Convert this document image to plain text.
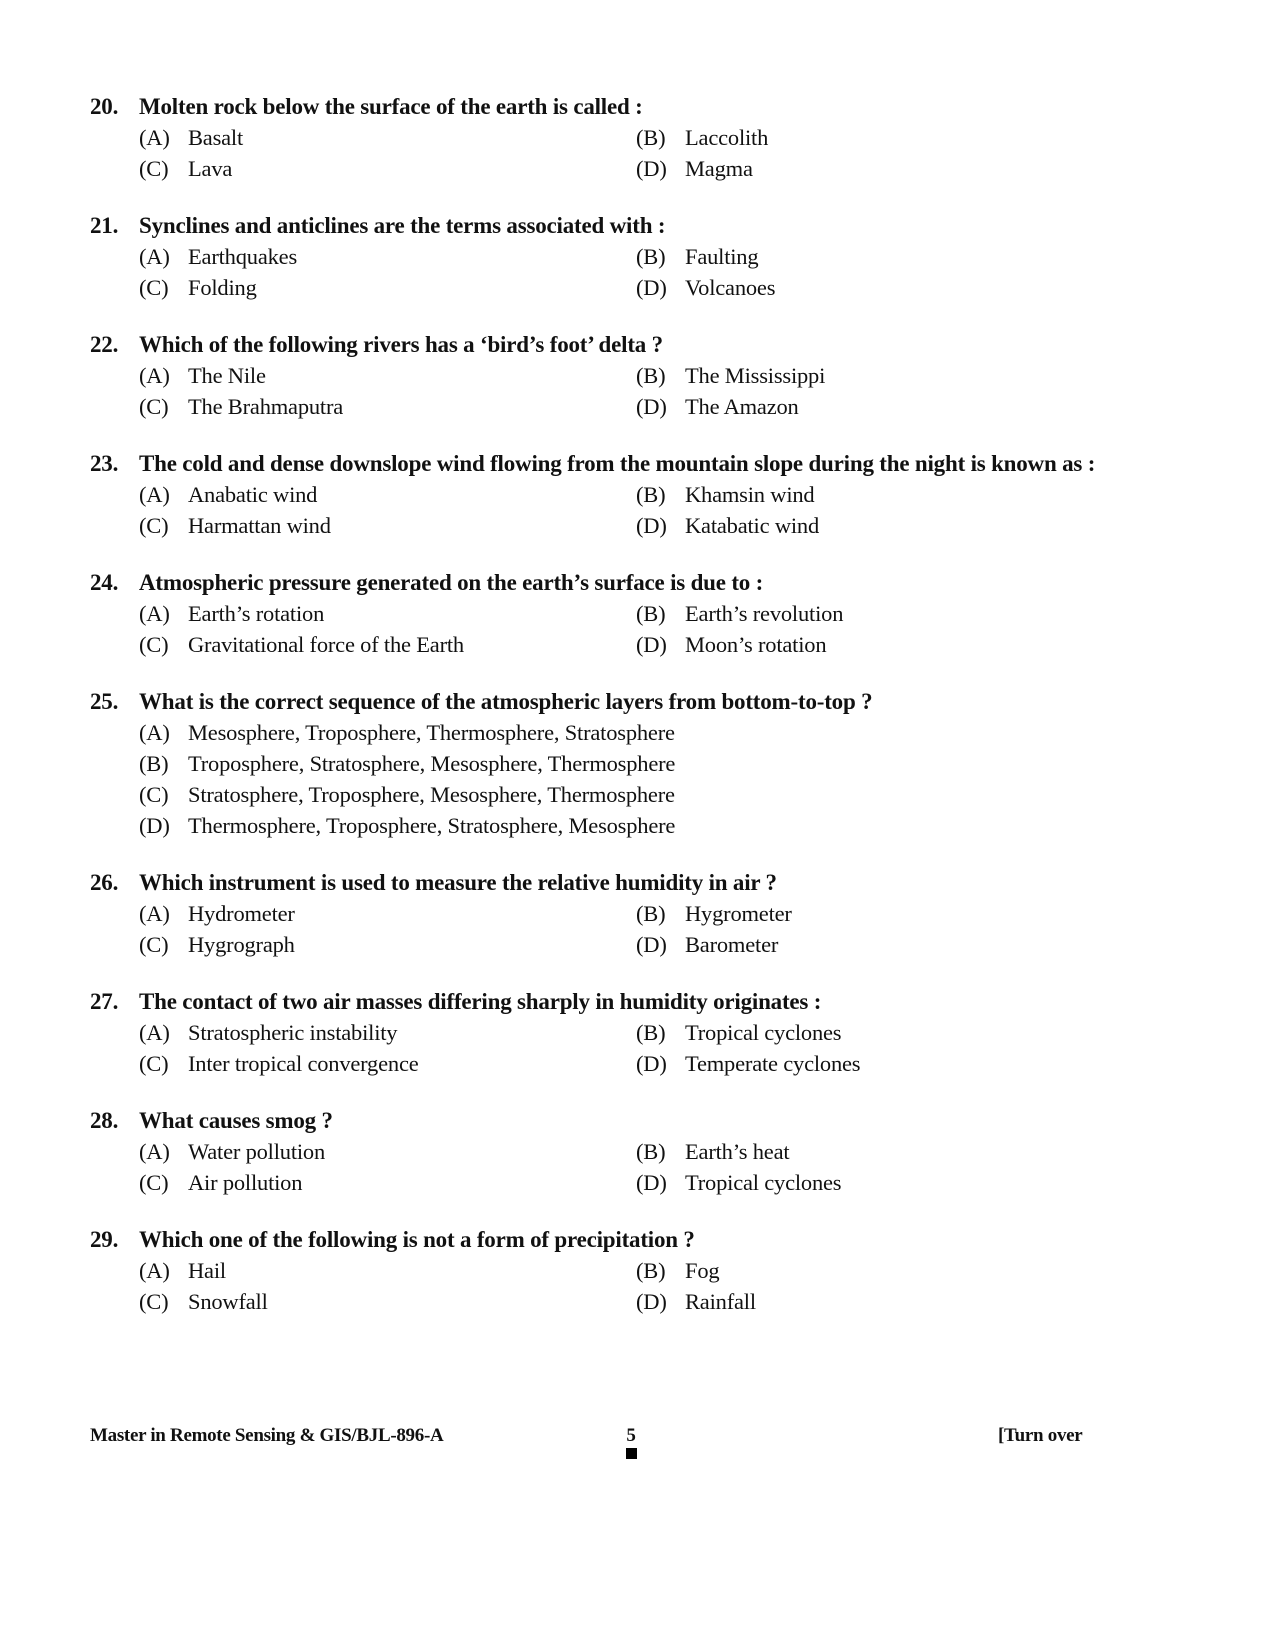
20. Molten rock below the surface of the earth is called :
(A) Basalt	(B) Laccolith
(C) Lava	(D) Magma
21. Synclines and anticlines are the terms associated with :
(A) Earthquakes	(B) Faulting
(C) Folding	(D) Volcanoes
22. Which of the following rivers has a ‘bird’s foot’ delta ?
(A) The Nile	(B) The Mississippi
(C) The Brahmaputra	(D) The Amazon
23. The cold and dense downslope wind flowing from the mountain slope during the night is known as :
(A) Anabatic wind	(B) Khamsin wind
(C) Harmattan wind	(D) Katabatic wind
24. Atmospheric pressure generated on the earth’s surface is due to :
(A) Earth’s rotation	(B) Earth’s revolution
(C) Gravitational force of the Earth	(D) Moon’s rotation
25. What is the correct sequence of the atmospheric layers from bottom-to-top ?
(A) Mesosphere, Troposphere, Thermosphere, Stratosphere
(B) Troposphere, Stratosphere, Mesosphere, Thermosphere
(C) Stratosphere, Troposphere, Mesosphere, Thermosphere
(D) Thermosphere, Troposphere, Stratosphere, Mesosphere
26. Which instrument is used to measure the relative humidity in air ?
(A) Hydrometer	(B) Hygrometer
(C) Hygrograph	(D) Barometer
27. The contact of two air masses differing sharply in humidity originates :
(A) Stratospheric instability	(B) Tropical cyclones
(C) Inter tropical convergence	(D) Temperate cyclones
28. What causes smog ?
(A) Water pollution	(B) Earth’s heat
(C) Air pollution	(D) Tropical cyclones
29. Which one of the following is not a form of precipitation ?
(A) Hail	(B) Fog
(C) Snowfall	(D) Rainfall
Master in Remote Sensing & GIS/BJL-896-A	5	[Turn over
